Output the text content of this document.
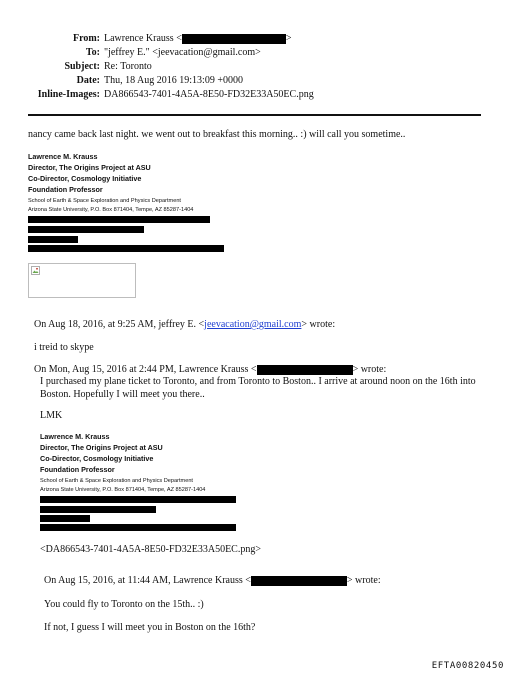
From: Lawrence Krauss <	>
To: "jeffrey E." <jeevacation@gmail.com>
Subject: Re: Toronto
Date: Thu, 18 Aug 2016 19:13:09 +0000
Inline-Images: DA866543-7401-4A5A-8E50-FD32E33A50EC.png
nancy came back last night. we went out to breakfast this morning.. :) will call you sometime..
Lawrence M. Krauss
Director, The Origins Project at ASU
Co-Director, Cosmology Initiative
Foundation Professor
School of Earth & Space Exploration and Physics Department
Arizona State University, P.O. Box 871404, Tempe, AZ 85287-1404
On Aug 18, 2016, at 9:25 AM, jeffrey E. <jeevacation@gmail.com> wrote:
i treid to skype
On Mon, Aug 15, 2016 at 2:44 PM, Lawrence Krauss <	> wrote:
I purchased my plane ticket to Toronto, and from Toronto to Boston.. I arrive at around noon on the 16th into
Boston. Hopefully I will meet you there..
LMK
Lawrence M. Krauss
Director, The Origins Project at ASU
Co-Director, Cosmology Initiative
Foundation Professor
School of Earth & Space Exploration and Physics Department
Arizona State University, P.O. Box 871404, Tempe, AZ 85287-1404
<DA866543-7401-4A5A-8E50-FD32E33A50EC.png>
On Aug 15, 2016, at 11:44 AM, Lawrence Krauss <	> wrote:
You could fly to Toronto on the 15th.. :)
If not, I guess I will meet you in Boston on the 16th?
EFTA00820450
